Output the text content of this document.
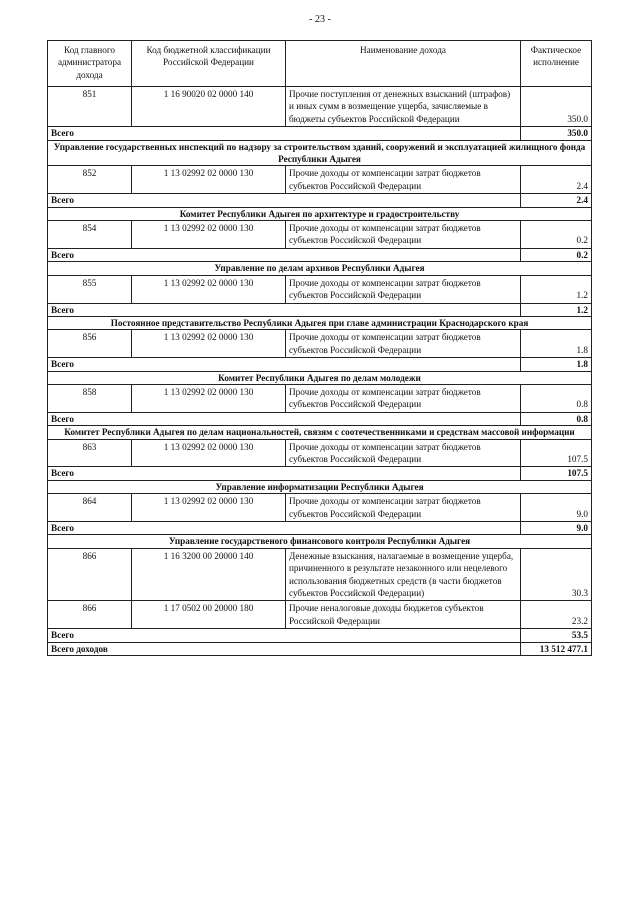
- 23 -
Код главного администратора дохода	Код бюджетной классификации Российской Федерации	Наименование дохода	Фактическое исполнение
851	1 16 90020 02 0000 140	Прочие поступления от денежных взысканий (штрафов) и иных сумм в возмещение ущерба, зачисляемые в бюджеты субъектов Российской Федерации	350.0
Всего			350.0
Управление государственных инспекций по надзору за строительством зданий, сооружений и эксплуатацией жилищного фонда Республики Адыгея			
852	1 13 02992 02 0000 130	Прочие доходы от компенсации затрат бюджетов субъектов Российской Федерации	2.4
Всего			2.4
Комитет Республики Адыгея по архитектуре и градостроительству			
854	1 13 02992 02 0000 130	Прочие доходы от компенсации затрат бюджетов субъектов Российской Федерации	0.2
Всего			0.2
Управление по делам архивов Республики Адыгея			
855	1 13 02992 02 0000 130	Прочие доходы от компенсации затрат бюджетов субъектов Российской Федерации	1.2
Всего			1.2
Постоянное представительство Республики Адыгея при главе администрации Краснодарского края			
856	1 13 02992 02 0000 130	Прочие доходы от компенсации затрат бюджетов субъектов Российской Федерации	1.8
Всего			1.8
Комитет Республики Адыгея по делам молодежи			
858	1 13 02992 02 0000 130	Прочие доходы от компенсации затрат бюджетов субъектов Российской Федерации	0.8
Всего			0.8
Комитет Республики Адыгея по делам национальностей, связям с соотечественниками и средствам массовой информации			
863	1 13 02992 02 0000 130	Прочие доходы от компенсации затрат бюджетов субъектов Российской Федерации	107.5
Всего			107.5
Управление информатизации Республики Адыгея			
864	1 13 02992 02 0000 130	Прочие доходы от компенсации затрат бюджетов субъектов Российской Федерации	9.0
Всего			9.0
Управление государственого финансового контроля Республики Адыгея			
866	1 16 3200 00 20000 140	Денежные взыскания, налагаемые в возмещение ущерба, причиненного в результате незаконного или нецелевого использования бюджетных средств (в части бюджетов субъектов Российской Федерации)	30.3
866	1 17 0502 00 20000 180	Прочие неналоговые доходы бюджетов субъектов Российской Федерации	23.2
Всего			53.5
Всего доходов			13 512 477.1
